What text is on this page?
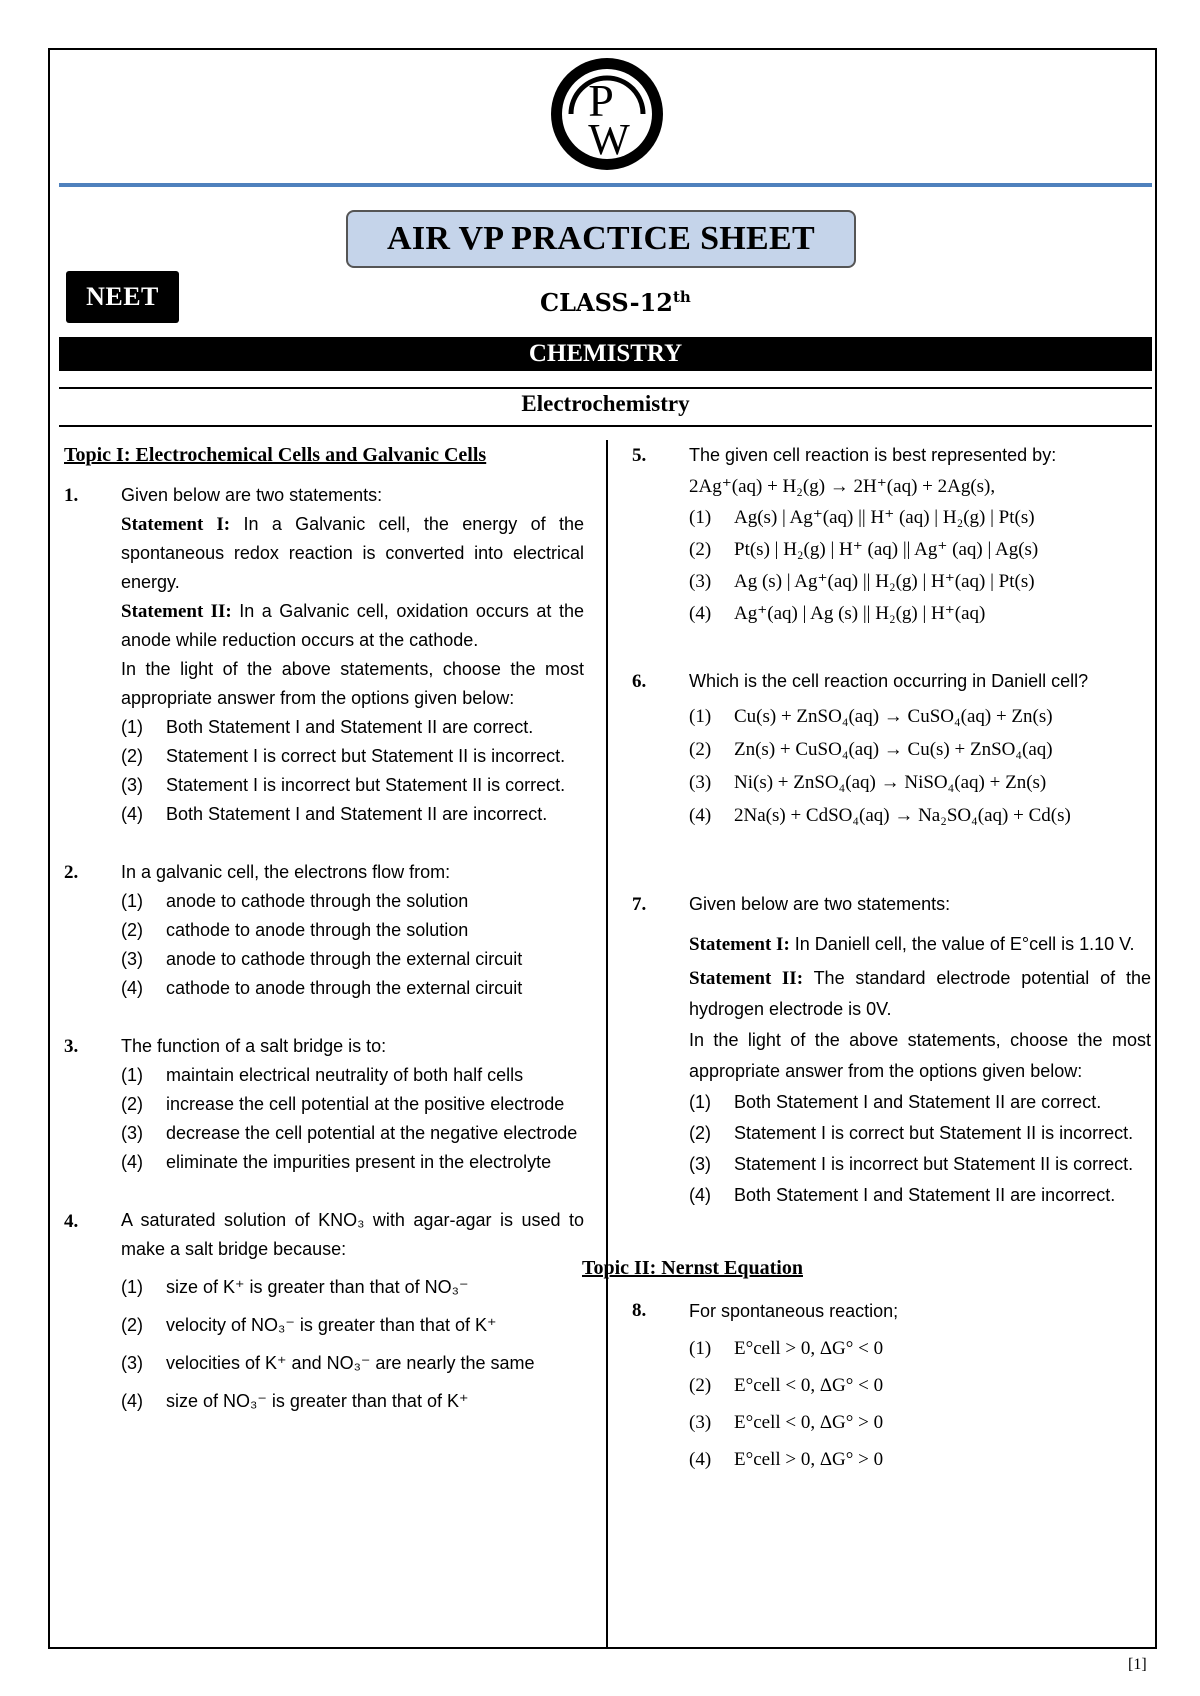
P
W
AIR VP PRACTICE SHEET
NEET	CLASS-12th
CHEMISTRY
Electrochemistry

Topic I: Electrochemical Cells and Galvanic Cells

1. Given below are two statements:

Statement I: In a Galvanic cell, the energy of the spontaneous redox reaction is converted into electrical energy.

Statement II: In a Galvanic cell, oxidation occurs at the anode while reduction occurs at the cathode.

In the light of the above statements, choose the most appropriate answer from the options given below:

(1) Both Statement I and Statement II are correct.
(2) Statement I is correct but Statement II is incorrect.
(3) Statement I is incorrect but Statement II is correct.
(4) Both Statement I and Statement II are incorrect.
2. In a galvanic cell, the electrons flow from:

(1) anode to cathode through the solution
(2) cathode to anode through the solution
(3) anode to cathode through the external circuit
(4) cathode to anode through the external circuit
3. The function of a salt bridge is to:

(1) maintain electrical neutrality of both half cells
(2) increase the cell potential at the positive electrode
(3) decrease the cell potential at the negative electrode
(4) eliminate the impurities present in the electrolyte
4. A saturated solution of KNO₃ with agar-agar is used to make a salt bridge because:

(1) size of K⁺ is greater than that of NO₃⁻
(2) velocity of NO₃⁻ is greater than that of K⁺
(3) velocities of K⁺ and NO₃⁻ are nearly the same
(4) size of NO₃⁻ is greater than that of K⁺
5. The given cell reaction is best represented by:

2Ag⁺(aq) + H₂(g) → 2H⁺(aq) + 2Ag(s),

(1) Ag(s) | Ag⁺(aq) || H⁺ (aq) | H₂(g) | Pt(s)
(2) Pt(s) | H₂(g) | H⁺ (aq) || Ag⁺ (aq) | Ag(s)
(3) Ag (s) | Ag⁺(aq) || H₂(g) | H⁺(aq) | Pt(s)
(4) Ag⁺(aq) | Ag (s) || H₂(g) | H⁺(aq)
6. Which is the cell reaction occurring in Daniell cell?

(1) Cu(s) + ZnSO₄(aq) → CuSO₄(aq) + Zn(s)
(2) Zn(s) + CuSO₄(aq) → Cu(s) + ZnSO₄(aq)
(3) Ni(s) + ZnSO₄(aq) → NiSO₄(aq) + Zn(s)
(4) 2Na(s) + CdSO₄(aq) → Na₂SO₄(aq) + Cd(s)
7. Given below are two statements:

Statement I: In Daniell cell, the value of E°cell is 1.10 V.

Statement II: The standard electrode potential of the hydrogen electrode is 0V.

In the light of the above statements, choose the most appropriate answer from the options given below:

(1) Both Statement I and Statement II are correct.
(2) Statement I is correct but Statement II is incorrect.
(3) Statement I is incorrect but Statement II is correct.
(4) Both Statement I and Statement II are incorrect.

Topic II: Nernst Equation

8. For spontaneous reaction;

(1) E°cell > 0, ΔG° < 0
(2) E°cell < 0, ΔG° < 0
(3) E°cell < 0, ΔG° > 0
(4) E°cell > 0, ΔG° > 0
[1]
